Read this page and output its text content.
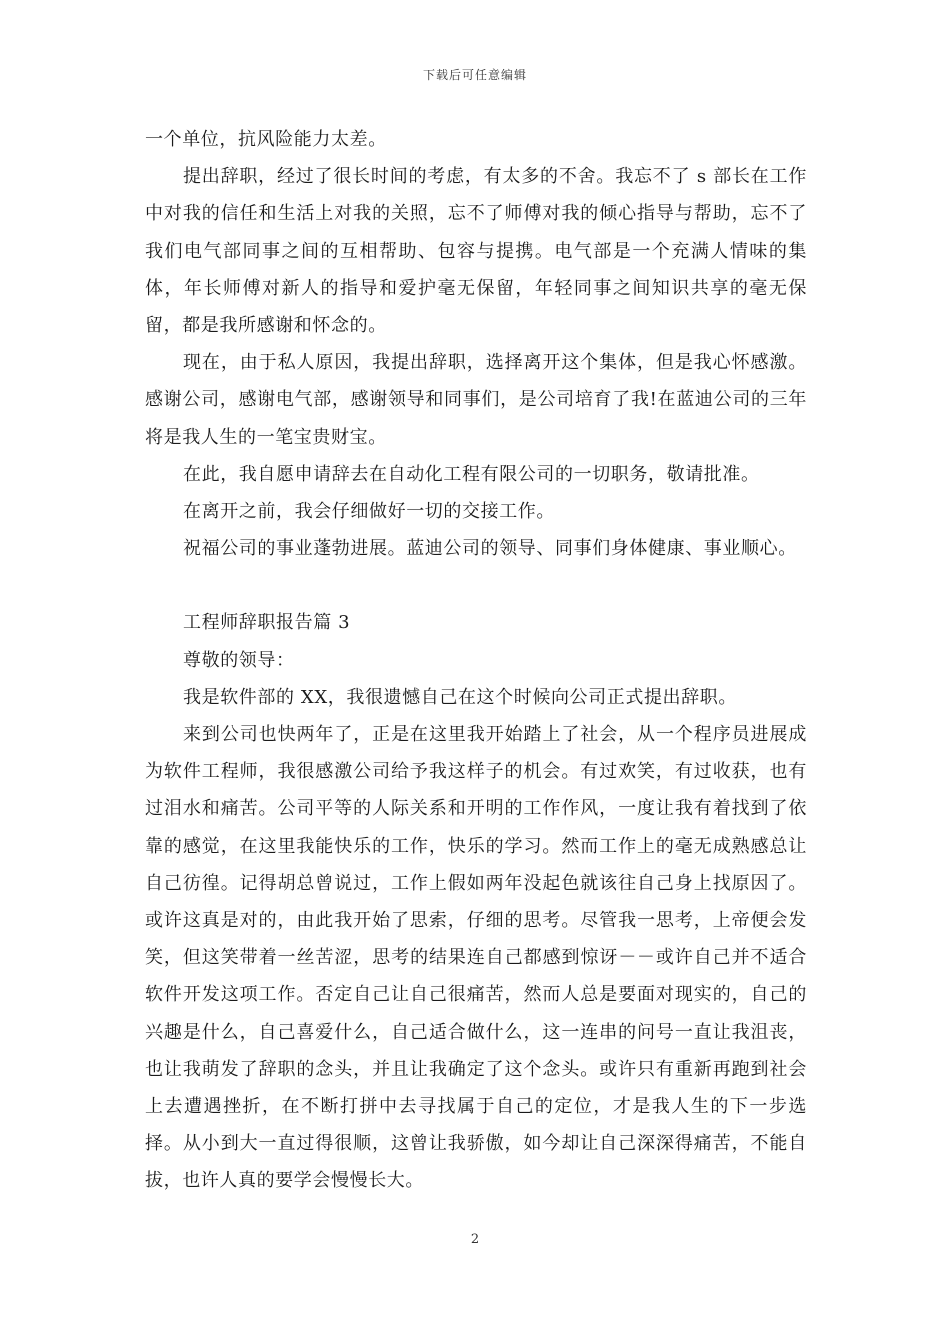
下载后可任意编辑

一个单位，抗风险能力太差。

提出辞职，经过了很长时间的考虑，有太多的不舍。我忘不了 s 部长在工作中对我的信任和生活上对我的关照，忘不了师傅对我的倾心指导与帮助，忘不了我们电气部同事之间的互相帮助、包容与提携。电气部是一个充满人情味的集体，年长师傅对新人的指导和爱护毫无保留，年轻同事之间知识共享的毫无保留，都是我所感谢和怀念的。

现在，由于私人原因，我提出辞职，选择离开这个集体，但是我心怀感激。感谢公司，感谢电气部，感谢领导和同事们，是公司培育了我!在蓝迪公司的三年将是我人生的一笔宝贵财宝。

在此，我自愿申请辞去在自动化工程有限公司的一切职务，敬请批准。

在离开之前，我会仔细做好一切的交接工作。

祝福公司的事业蓬勃进展。蓝迪公司的领导、同事们身体健康、事业顺心。

工程师辞职报告篇 3

尊敬的领导：

我是软件部的 XX，我很遗憾自己在这个时候向公司正式提出辞职。

来到公司也快两年了，正是在这里我开始踏上了社会，从一个程序员进展成为软件工程师，我很感激公司给予我这样子的机会。有过欢笑，有过收获，也有过泪水和痛苦。公司平等的人际关系和开明的工作作风，一度让我有着找到了依靠的感觉，在这里我能快乐的工作，快乐的学习。然而工作上的毫无成熟感总让自己彷徨。记得胡总曾说过，工作上假如两年没起色就该往自己身上找原因了。或许这真是对的，由此我开始了思索，仔细的思考。尽管我一思考，上帝便会发笑，但这笑带着一丝苦涩，思考的结果连自己都感到惊讶－－或许自己并不适合软件开发这项工作。否定自己让自己很痛苦，然而人总是要面对现实的，自己的兴趣是什么，自己喜爱什么，自己适合做什么，这一连串的问号一直让我沮丧，也让我萌发了辞职的念头，并且让我确定了这个念头。或许只有重新再跑到社会上去遭遇挫折，在不断打拼中去寻找属于自己的定位，才是我人生的下一步选择。从小到大一直过得很顺，这曾让我骄傲，如今却让自己深深得痛苦，不能自拔，也许人真的要学会慢慢长大。

2
